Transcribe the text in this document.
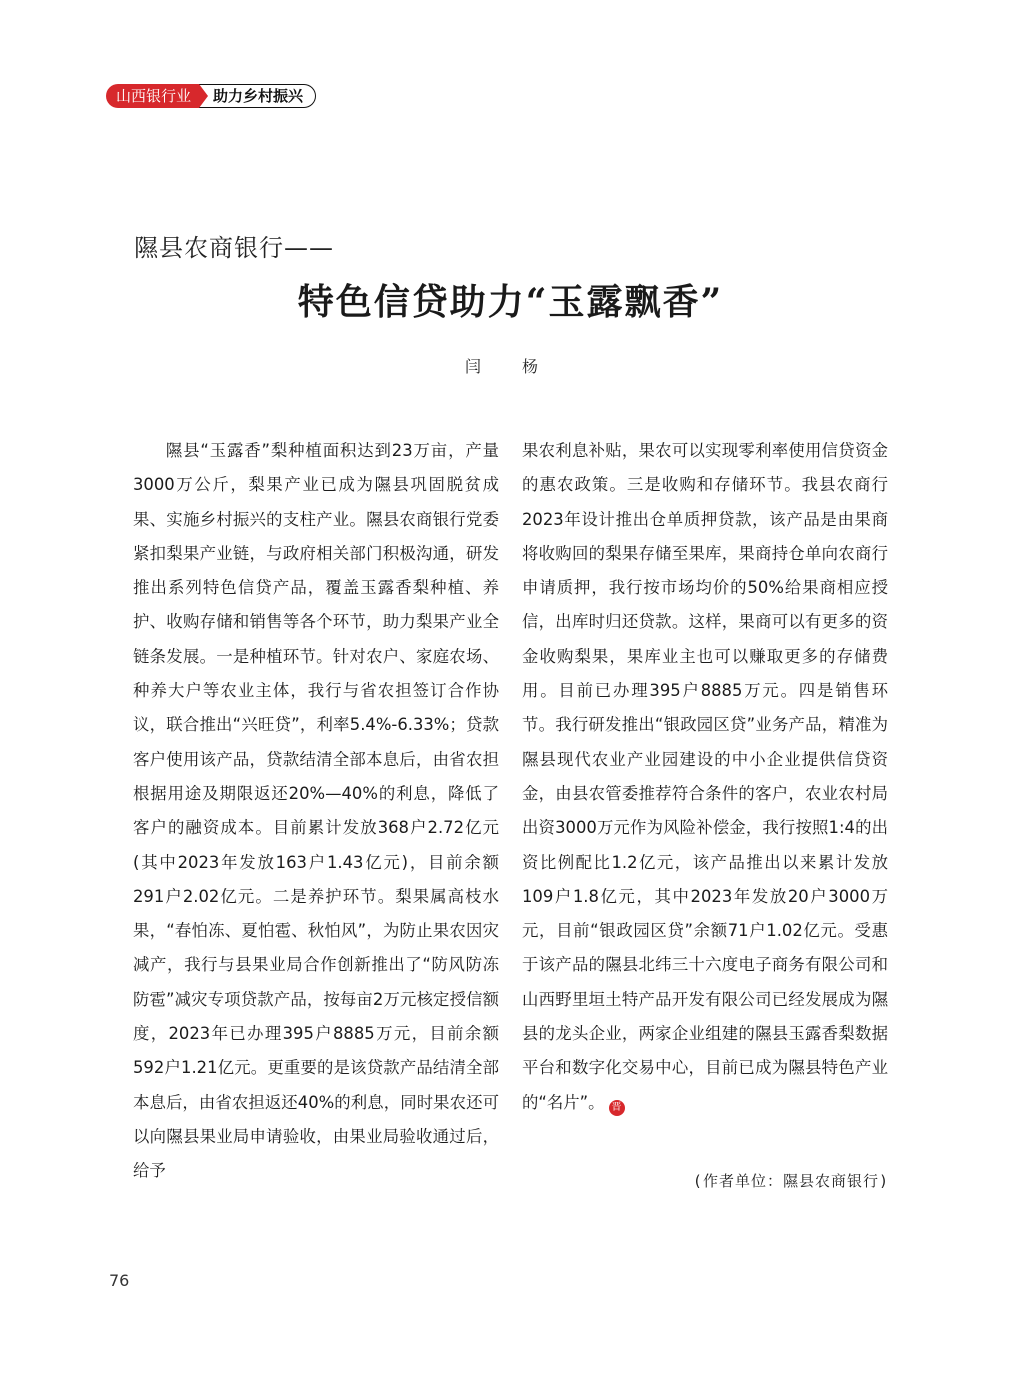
山西银行业	助力乡村振兴
隰县农商银行——
特色信贷助力“玉露飘香”
闫 杨

隰县“玉露香”梨种植面积达到23万亩，产量3000万公斤，梨果产业已成为隰县巩固脱贫成果、实施乡村振兴的支柱产业。隰县农商银行党委紧扣梨果产业链，与政府相关部门积极沟通，研发推出系列特色信贷产品，覆盖玉露香梨种植、养护、收购存储和销售等各个环节，助力梨果产业全链条发展。一是种植环节。针对农户、家庭农场、种养大户等农业主体，我行与省农担签订合作协议，联合推出“兴旺贷”，利率5.4%-6.33%；贷款客户使用该产品，贷款结清全部本息后，由省农担根据用途及期限返还20%—40%的利息，降低了客户的融资成本。目前累计发放368户2.72亿元(其中2023年发放163户1.43亿元)，目前余额291户2.02亿元。二是养护环节。梨果属高枝水果，“春怕冻、夏怕雹、秋怕风”，为防止果农因灾减产，我行与县果业局合作创新推出了“防风防冻防雹”减灾专项贷款产品，按每亩2万元核定授信额度，2023年已办理395户8885万元，目前余额592户1.21亿元。更重要的是该贷款产品结清全部本息后，由省农担返还40%的利息，同时果农还可以向隰县果业局申请验收，由果业局验收通过后，给予

果农利息补贴，果农可以实现零利率使用信贷资金的惠农政策。三是收购和存储环节。我县农商行2023年设计推出仓单质押贷款，该产品是由果商将收购回的梨果存储至果库，果商持仓单向农商行申请质押，我行按市场均价的50%给果商相应授信，出库时归还贷款。这样，果商可以有更多的资金收购梨果，果库业主也可以赚取更多的存储费用。目前已办理395户8885万元。四是销售环节。我行研发推出“银政园区贷”业务产品，精准为隰县现代农业产业园建设的中小企业提供信贷资金，由县农管委推荐符合条件的客户，农业农村局出资3000万元作为风险补偿金，我行按照1:4的出资比例配比1.2亿元，该产品推出以来累计发放109户1.8亿元，其中2023年发放20户3000万元，目前“银政园区贷”余额71户1.02亿元。受惠于该产品的隰县北纬三十六度电子商务有限公司和山西野里垣土特产品开发有限公司已经发展成为隰县的龙头企业，两家企业组建的隰县玉露香梨数据平台和数字化交易中心，目前已成为隰县特色产业的“名片”。 晋

(作者单位：隰县农商银行)
76
